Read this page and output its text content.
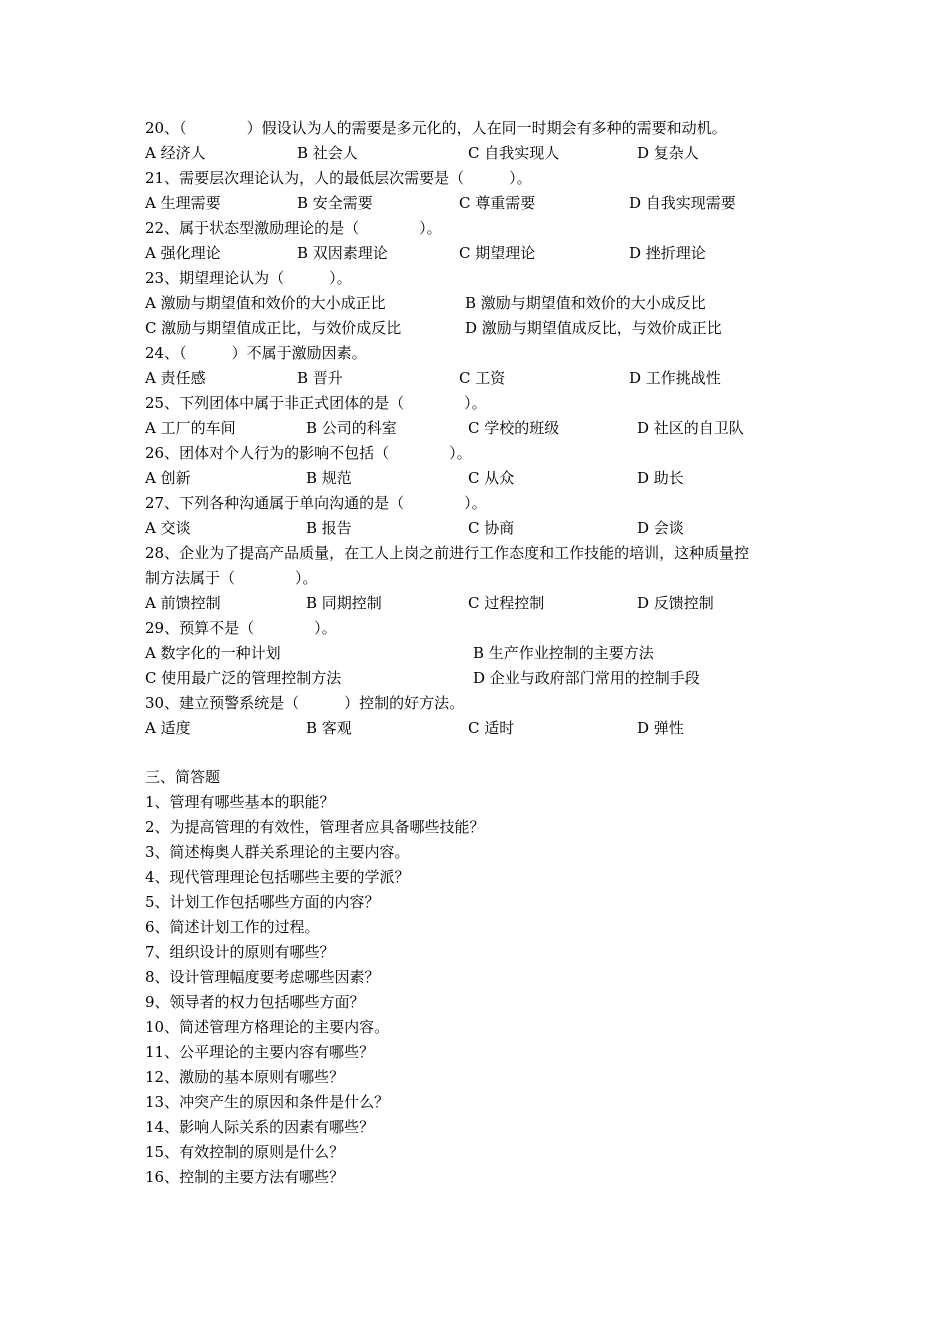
20、（　　　　）假设认为人的需要是多元化的，人在同一时期会有多种的需要和动机。
A 经济人	B 社会人	C 自我实现人	D 复杂人
21、需要层次理论认为，人的最低层次需要是（　　　）。
A 生理需要	B 安全需要	C 尊重需要	D 自我实现需要
22、属于状态型激励理论的是（　　　　）。
A 强化理论	B 双因素理论	C 期望理论	D 挫折理论
23、期望理论认为（　　　）。
A 激励与期望值和效价的大小成正比	B 激励与期望值和效价的大小成反比
C 激励与期望值成正比，与效价成反比	D 激励与期望值成反比，与效价成正比
24、（　　　）不属于激励因素。
A 责任感	B 晋升	C 工资	D 工作挑战性
25、下列团体中属于非正式团体的是（　　　　）。
A 工厂的车间	B 公司的科室	C 学校的班级	D 社区的自卫队
26、团体对个人行为的影响不包括（　　　　）。
A 创新	B 规范	C 从众	D 助长
27、下列各种沟通属于单向沟通的是（　　　　）。
A 交谈	B 报告	C 协商	D 会谈
28、企业为了提高产品质量，在工人上岗之前进行工作态度和工作技能的培训，这种质量控
制方法属于（　　　　）。
A 前馈控制	B 同期控制	C 过程控制	D 反馈控制
29、预算不是（　　　　）。
A 数字化的一种计划	B 生产作业控制的主要方法
C 使用最广泛的管理控制方法	D 企业与政府部门常用的控制手段
30、建立预警系统是（　　　）控制的好方法。
A 适度	B 客观	C 适时	D 弹性
三、简答题
1、管理有哪些基本的职能？
2、为提高管理的有效性，管理者应具备哪些技能？
3、简述梅奥人群关系理论的主要内容。
4、现代管理理论包括哪些主要的学派？
5、计划工作包括哪些方面的内容？
6、简述计划工作的过程。
7、组织设计的原则有哪些？
8、设计管理幅度要考虑哪些因素？
9、领导者的权力包括哪些方面？
10、简述管理方格理论的主要内容。
11、公平理论的主要内容有哪些？
12、激励的基本原则有哪些？
13、冲突产生的原因和条件是什么？
14、影响人际关系的因素有哪些？
15、有效控制的原则是什么？
16、控制的主要方法有哪些？
